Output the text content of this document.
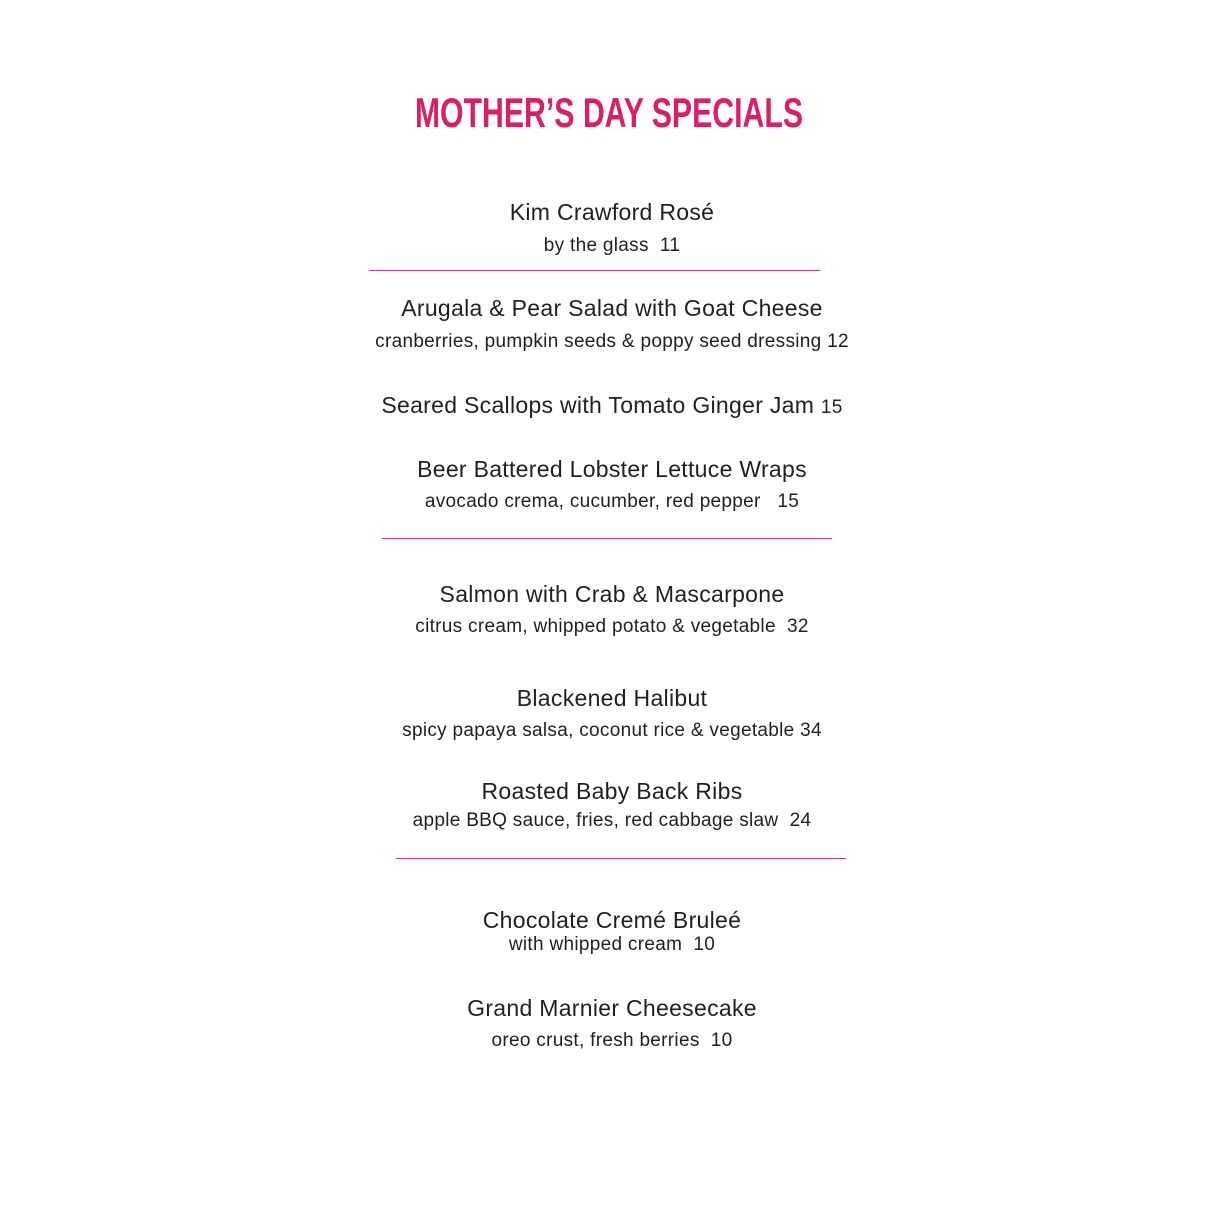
MOTHER’S DAY SPECIALS
Kim Crawford Rosé
by the glass  11
Arugala & Pear Salad with Goat Cheese
cranberries, pumpkin seeds & poppy seed dressing 12
Seared Scallops with Tomato Ginger Jam 15
Beer Battered Lobster Lettuce Wraps
avocado crema, cucumber, red pepper   15
Salmon with Crab & Mascarpone
citrus cream, whipped potato & vegetable  32
Blackened Halibut
spicy papaya salsa, coconut rice & vegetable 34
Roasted Baby Back Ribs
apple BBQ sauce, fries, red cabbage slaw  24
Chocolate Cremé Bruleé
with whipped cream  10
Grand Marnier Cheesecake
oreo crust, fresh berries  10
